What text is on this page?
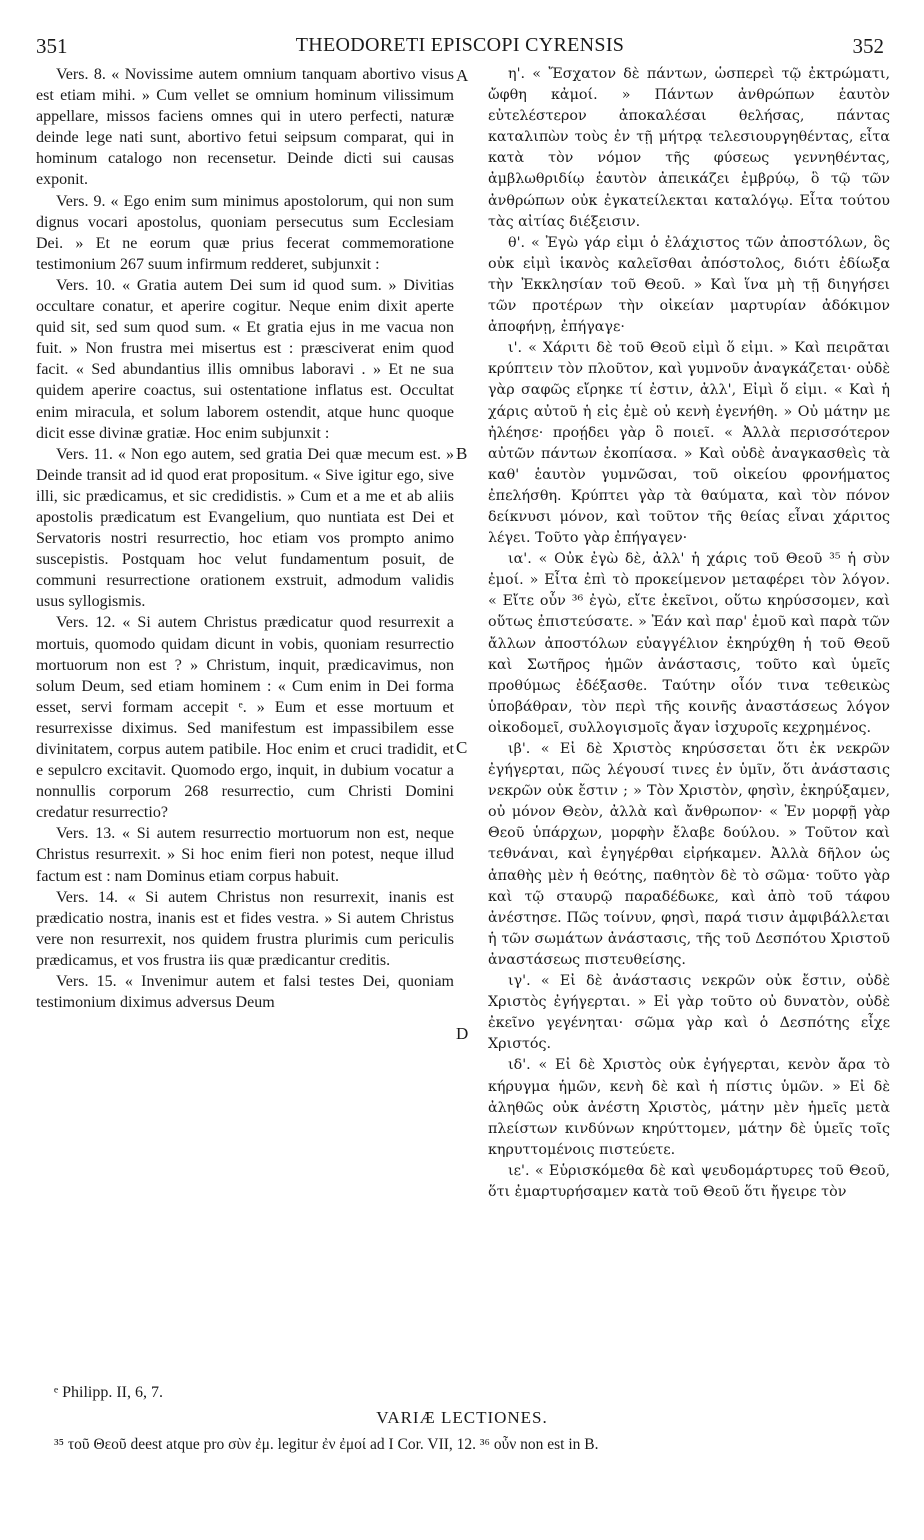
351	THEODORETI EPISCOPI CYRENSIS	352

Vers. 8. « Novissime autem omnium tanquam abortivo visus est etiam mihi. » Cum vellet se omnium hominum vilissimum appellare, missos faciens omnes qui in utero perfecti, naturæ deinde lege nati sunt, abortivo fetui seipsum comparat, qui in hominum catalogo non recensetur. Deinde dicti sui causas exponit.

Vers. 9. « Ego enim sum minimus apostolorum, qui non sum dignus vocari apostolus, quoniam persecutus sum Ecclesiam Dei. » Et ne eorum quæ prius fecerat commemoratione testimonium 267 suum infirmum redderet, subjunxit :

Vers. 10. « Gratia autem Dei sum id quod sum. » Divitias occultare conatur, et aperire cogitur. Neque enim dixit aperte quid sit, sed sum quod sum. « Et gratia ejus in me vacua non fuit. » Non frustra mei misertus est : præsciverat enim quod facit. « Sed abundantius illis omnibus laboravi . » Et ne sua quidem aperire coactus, sui ostentatione inflatus est. Occultat enim miracula, et solum laborem ostendit, atque hunc quoque dicit esse divinæ gratiæ. Hoc enim subjunxit :

Vers. 11. « Non ego autem, sed gratia Dei quæ mecum est. » Deinde transit ad id quod erat propositum. « Sive igitur ego, sive illi, sic prædicamus, et sic credidistis. » Cum et a me et ab aliis apostolis prædicatum est Evangelium, quo nuntiata est Dei et Servatoris nostri resurrectio, hoc etiam vos prompto animo suscepistis. Postquam hoc velut fundamentum posuit, de communi resurrectione orationem exstruit, admodum validis usus syllogismis.

Vers. 12. « Si autem Christus prædicatur quod resurrexit a mortuis, quomodo quidam dicunt in vobis, quoniam resurrectio mortuorum non est ? » Christum, inquit, prædicavimus, non solum Deum, sed etiam hominem : « Cum enim in Dei forma esset, servi formam accepit ᵉ. » Eum et esse mortuum et resurrexisse diximus. Sed manifestum est impassibilem esse divinitatem, corpus autem patibile. Hoc enim et cruci tradidit, et e sepulcro excitavit. Quomodo ergo, inquit, in dubium vocatur a nonnullis corporum 268 resurrectio, cum Christi Domini credatur resurrectio?

Vers. 13. « Si autem resurrectio mortuorum non est, neque Christus resurrexit. » Si hoc enim fieri non potest, neque illud factum est : nam Dominus etiam corpus habuit.

Vers. 14. « Si autem Christus non resurrexit, inanis est prædicatio nostra, inanis est et fides vestra. » Si autem Christus vere non resurrexit, nos quidem frustra plurimis cum periculis prædicamus, et vos frustra iis quæ prædicantur creditis.

Vers. 15. « Invenimur autem et falsi testes Dei, quoniam testimonium diximus adversus Deum

A
B
C
D

η'. « Ἔσχατον δὲ πάντων, ὡσπερεὶ τῷ ἐκτρώματι, ὤφθη κἀμοί. » Πάντων ἀνθρώπων ἑαυτὸν εὐτελέστερον ἀποκαλέσαι θελήσας, πάντας καταλιπὼν τοὺς ἐν τῇ μήτρᾳ τελεσιουργηθέντας, εἶτα κατὰ τὸν νόμον τῆς φύσεως γεννηθέντας, ἀμβλωθριδίῳ ἑαυτὸν ἀπεικάζει ἐμβρύῳ, ὃ τῷ τῶν ἀνθρώπων οὐκ ἐγκατείλεκται καταλόγῳ. Εἶτα τούτου τὰς αἰτίας διέξεισιν.

θ'. « Ἐγὼ γάρ εἰμι ὁ ἐλάχιστος τῶν ἀποστόλων, ὃς οὐκ εἰμὶ ἱκανὸς καλεῖσθαι ἀπόστολος, διότι ἐδίωξα τὴν Ἐκκλησίαν τοῦ Θεοῦ. » Καὶ ἵνα μὴ τῇ διηγήσει τῶν προτέρων τὴν οἰκείαν μαρτυρίαν ἀδόκιμον ἀποφήνῃ, ἐπήγαγε·

ι'. « Χάριτι δὲ τοῦ Θεοῦ εἰμὶ ὅ εἰμι. » Καὶ πειρᾶται κρύπτειν τὸν πλοῦτον, καὶ γυμνοῦν ἀναγκάζεται· οὐδὲ γὰρ σαφῶς εἴρηκε τί ἐστιν, ἀλλ', Εἰμὶ ὅ εἰμι. « Καὶ ἡ χάρις αὐτοῦ ἡ εἰς ἐμὲ οὐ κενὴ ἐγενήθη. » Οὐ μάτην με ἠλέησε· προῄδει γὰρ ὃ ποιεῖ. « Ἀλλὰ περισσότερον αὐτῶν πάντων ἐκοπίασα. » Καὶ οὐδὲ ἀναγκασθεὶς τὰ καθ' ἑαυτὸν γυμνῶσαι, τοῦ οἰκείου φρονήματος ἐπελήσθη. Κρύπτει γὰρ τὰ θαύματα, καὶ τὸν πόνον δείκνυσι μόνον, καὶ τοῦτον τῆς θείας εἶναι χάριτος λέγει. Τοῦτο γὰρ ἐπήγαγεν·

ια'. « Οὐκ ἐγὼ δὲ, ἀλλ' ἡ χάρις τοῦ Θεοῦ ³⁵ ἡ σὺν ἐμοί. » Εἶτα ἐπὶ τὸ προκείμενον μεταφέρει τὸν λόγον. « Εἴτε οὖν ³⁶ ἐγὼ, εἴτε ἐκεῖνοι, οὕτω κηρύσσομεν, καὶ οὕτως ἐπιστεύσατε. » Ἐάν καὶ παρ' ἐμοῦ καὶ παρὰ τῶν ἄλλων ἀποστόλων εὐαγγέλιον ἐκηρύχθη ἡ τοῦ Θεοῦ καὶ Σωτῆρος ἡμῶν ἀνάστασις, τοῦτο καὶ ὑμεῖς προθύμως ἐδέξασθε. Ταύτην οἷόν τινα τεθεικὼς ὑποβάθραν, τὸν περὶ τῆς κοινῆς ἀναστάσεως λόγον οἰκοδομεῖ, συλλογισμοῖς ἄγαν ἰσχυροῖς κεχρημένος.

ιβ'. « Εἰ δὲ Χριστὸς κηρύσσεται ὅτι ἐκ νεκρῶν ἐγήγερται, πῶς λέγουσί τινες ἐν ὑμῖν, ὅτι ἀνάστασις νεκρῶν οὐκ ἔστιν ; » Τὸν Χριστὸν, φησὶν, ἐκηρύξαμεν, οὐ μόνον Θεὸν, ἀλλὰ καὶ ἄνθρωπον· « Ἐν μορφῇ γὰρ Θεοῦ ὑπάρχων, μορφὴν ἔλαβε δούλου. » Τοῦτον καὶ τεθνάναι, καὶ ἐγηγέρθαι εἰρήκαμεν. Ἀλλὰ δῆλον ὡς ἀπαθὴς μὲν ἡ θεότης, παθητὸν δὲ τὸ σῶμα· τοῦτο γὰρ καὶ τῷ σταυρῷ παραδέδωκε, καὶ ἀπὸ τοῦ τάφου ἀνέστησε. Πῶς τοίνυν, φησὶ, παρά τισιν ἀμφιβάλλεται ἡ τῶν σωμάτων ἀνάστασις, τῆς τοῦ Δεσπότου Χριστοῦ ἀναστάσεως πιστευθείσης.

ιγ'. « Εἰ δὲ ἀνάστασις νεκρῶν οὐκ ἔστιν, οὐδὲ Χριστὸς ἐγήγερται. » Εἰ γὰρ τοῦτο οὐ δυνατὸν, οὐδὲ ἐκεῖνο γεγένηται· σῶμα γὰρ καὶ ὁ Δεσπότης εἶχε Χριστός.

ιδ'. « Εἰ δὲ Χριστὸς οὐκ ἐγήγερται, κενὸν ἄρα τὸ κήρυγμα ἡμῶν, κενὴ δὲ καὶ ἡ πίστις ὑμῶν. » Εἰ δὲ ἀληθῶς οὐκ ἀνέστη Χριστὸς, μάτην μὲν ἡμεῖς μετὰ πλείστων κινδύνων κηρύττομεν, μάτην δὲ ὑμεῖς τοῖς κηρυττομένοις πιστεύετε.

ιε'. « Εὑρισκόμεθα δὲ καὶ ψευδομάρτυρες τοῦ Θεοῦ, ὅτι ἐμαρτυρήσαμεν κατὰ τοῦ Θεοῦ ὅτι ἤγειρε τὸν

ᵉ Philipp. II, 6, 7.
VARIÆ LECTIONES.
³⁵ τοῦ Θεοῦ deest atque pro σὺν ἐμ. legitur ἐν ἐμοί ad I Cor. VII, 12. ³⁶ οὖν non est in B.
